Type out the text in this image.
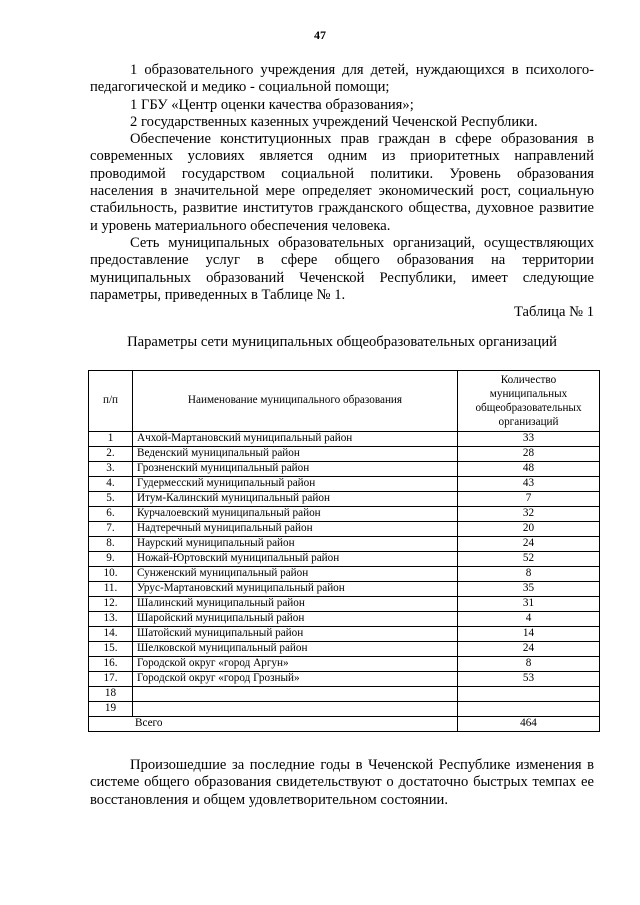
47

1 образовательного учреждения для детей, нуждающихся в психолого-педагогической и медико - социальной помощи;

1 ГБУ «Центр оценки качества образования»;

2 государственных казенных учреждений Чеченской Республики.

Обеспечение конституционных прав граждан в сфере образования в современных условиях является одним из приоритетных направлений проводимой государством социальной политики. Уровень образования населения в значительной мере определяет экономический рост, социальную стабильность, развитие институтов гражданского общества, духовное развитие и уровень материального обеспечения человека.

Сеть муниципальных образовательных организаций, осуществляющих предоставление услуг в сфере общего образования на территории муниципальных образований Чеченской Республики, имеет следующие параметры, приведенных в Таблице № 1.

Таблица № 1

Параметры сети муниципальных общеобразовательных организаций

п/п	Наименование муниципального образования	Количество муниципальных общеобразовательных организаций
1	Ачхой-Мартановский муниципальный район	33
2.	Веденский муниципальный район	28
3.	Грозненский муниципальный район	48
4.	Гудермесский муниципальный район	43
5.	Итум-Калинский муниципальный район	7
6.	Курчалоевский муниципальный район	32
7.	Надтеречный муниципальный район	20
8.	Наурский муниципальный район	24
9.	Ножай-Юртовский муниципальный район	52
10.	Сунженский муниципальный район	8
11.	Урус-Мартановский муниципальный район	35
12.	Шалинский муниципальный район	31
13.	Шаройский муниципальный район	4
14.	Шатойский муниципальный район	14
15.	Шелковской муниципальный район	24
16.	Городской округ «город Аргун»	8
17.	Городской округ «город Грозный»	53
18		
19		
Всего		464

Произошедшие за последние годы в Чеченской Республике изменения в системе общего образования свидетельствуют о достаточно быстрых темпах ее восстановления и общем удовлетворительном состоянии.
